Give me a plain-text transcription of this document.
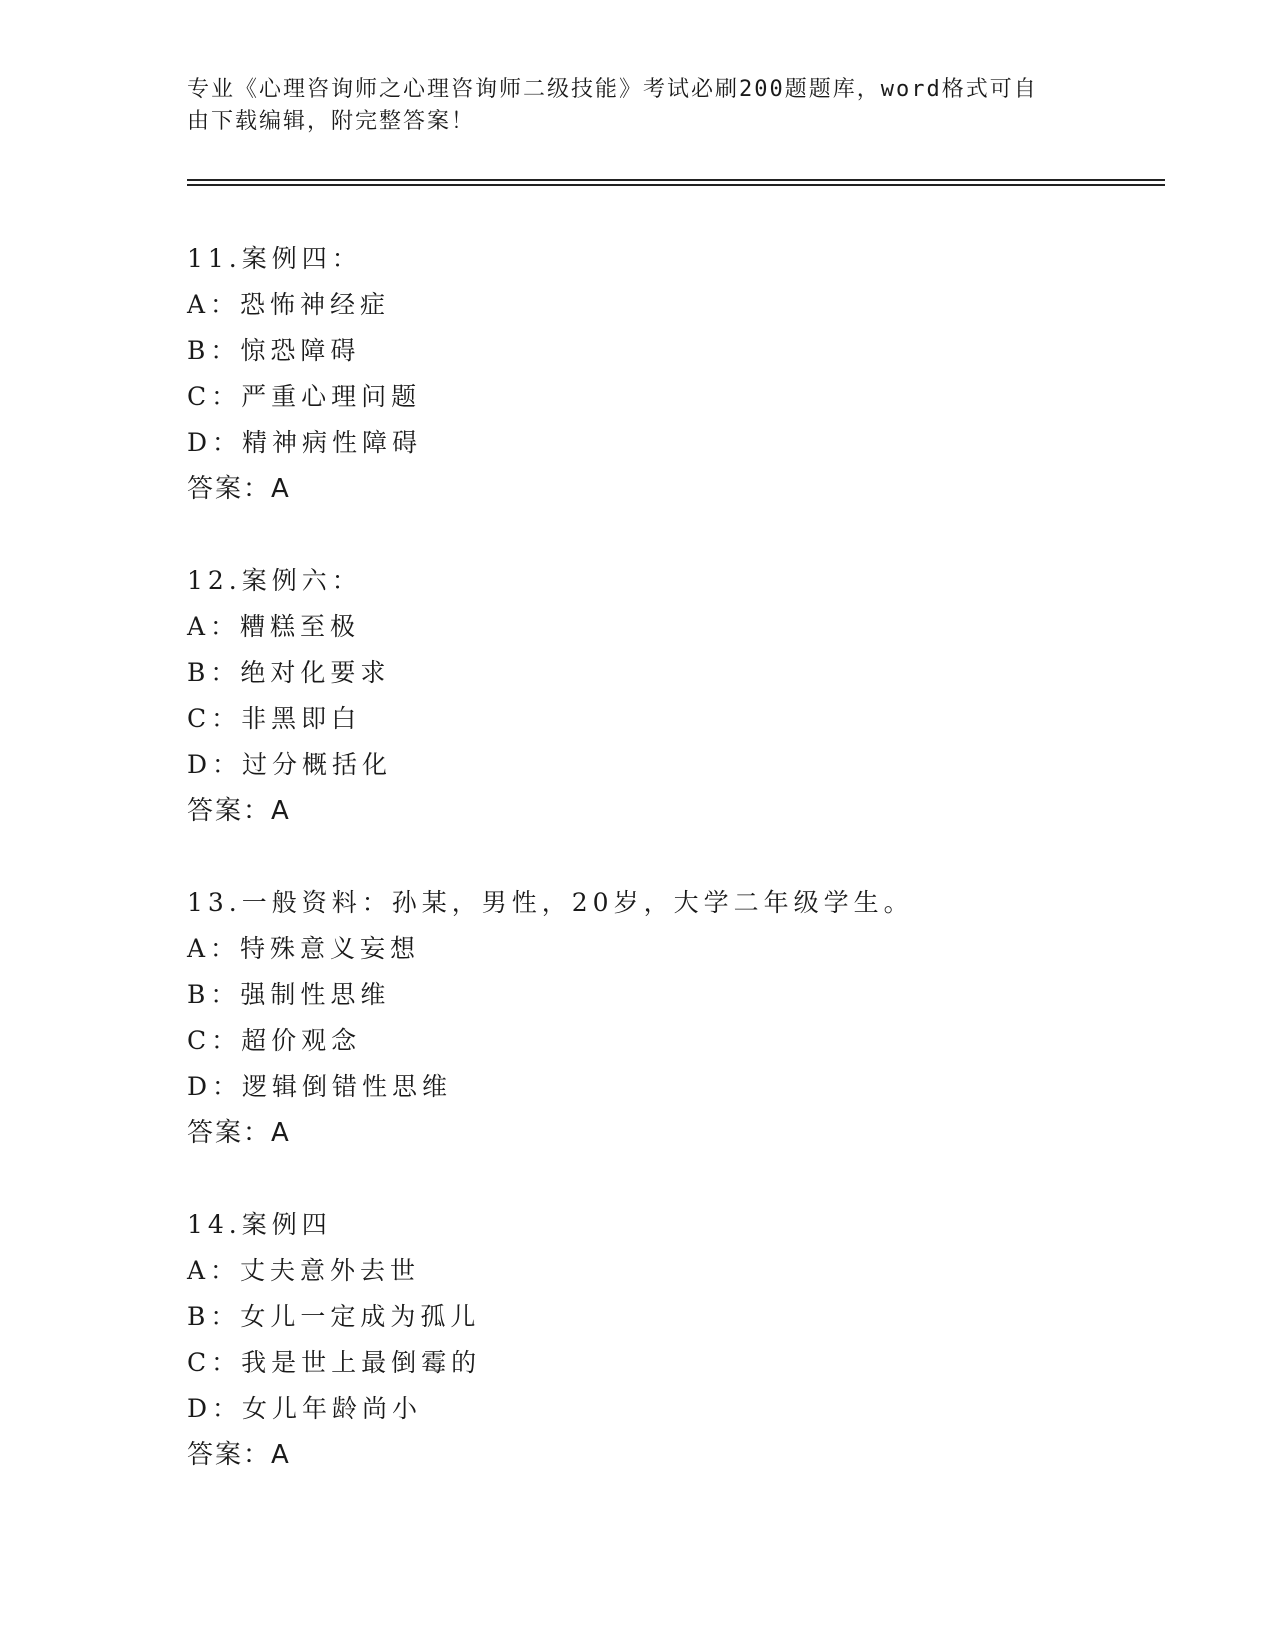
专业《心理咨询师之心理咨询师二级技能》考试必刷200题题库，word格式可自
由下载编辑，附完整答案！
11.案例四：
A：恐怖神经症
B：惊恐障碍
C：严重心理问题
D：精神病性障碍
答案：A
12.案例六：
A：糟糕至极
B：绝对化要求
C：非黑即白
D：过分概括化
答案：A
13.一般资料：孙某，男性，20岁，大学二年级学生。
A：特殊意义妄想
B：强制性思维
C：超价观念
D：逻辑倒错性思维
答案：A
14.案例四
A：丈夫意外去世
B：女儿一定成为孤儿
C：我是世上最倒霉的
D：女儿年龄尚小
答案：A
